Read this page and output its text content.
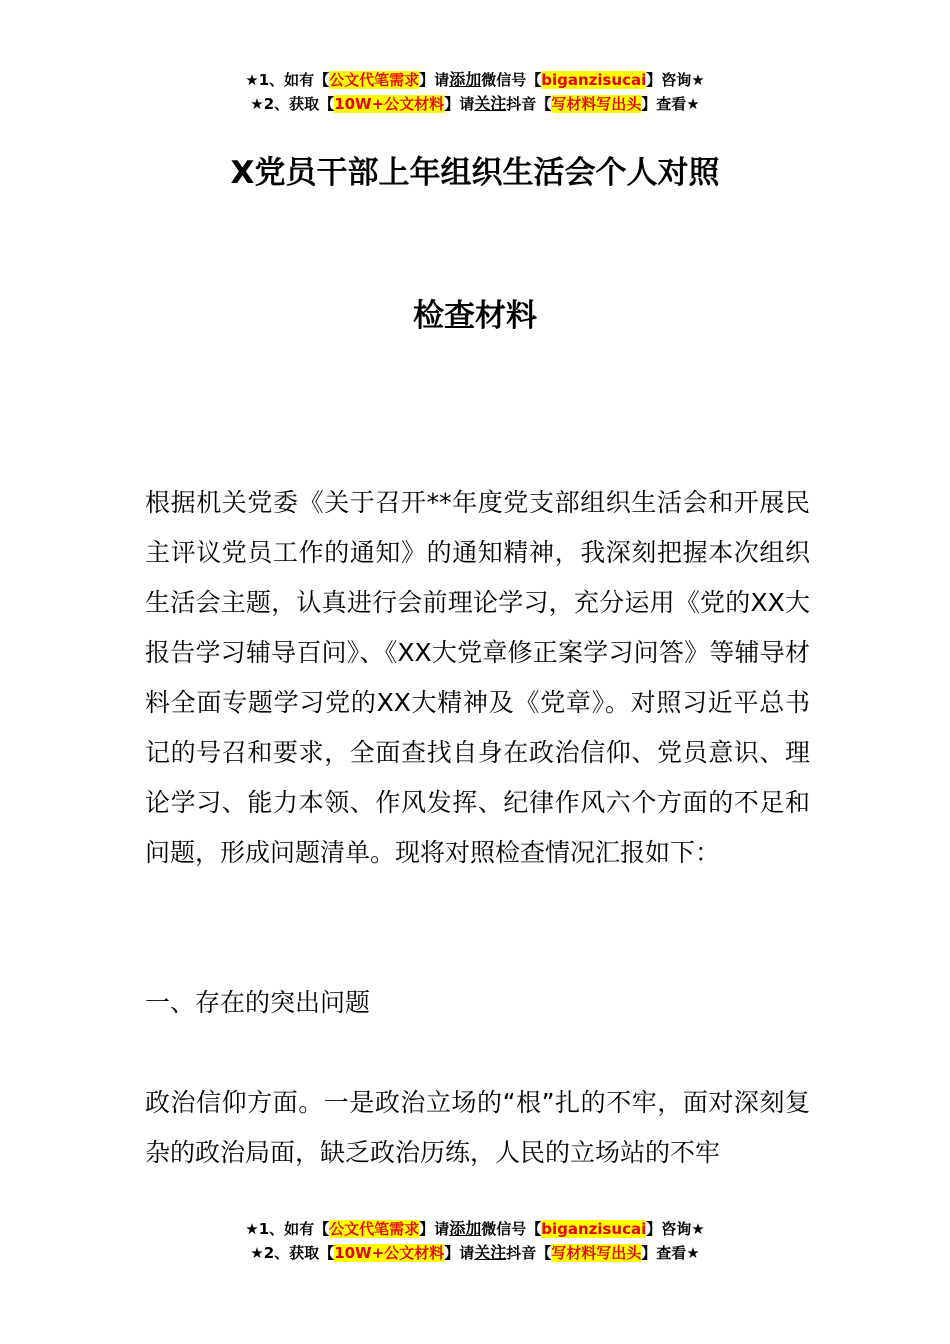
★1、如有【公文代笔需求】请添加微信号【biganzisucai】咨询★
★2、获取【10W+公文材料】请关注抖音【写材料写出头】查看★
X党员干部上年组织生活会个人对照
检查材料
根据机关党委《关于召开**年度党支部组织生活会和开展民主评议党员工作的通知》的通知精神，我深刻把握本次组织生活会主题，认真进行会前理论学习，充分运用《党的XX大报告学习辅导百问》、《XX大党章修正案学习问答》等辅导材料全面专题学习党的XX大精神及《党章》。对照习近平总书记的号召和要求，全面查找自身在政治信仰、党员意识、理论学习、能力本领、作风发挥、纪律作风六个方面的不足和问题，形成问题清单。现将对照检查情况汇报如下：
一、存在的突出问题
政治信仰方面。一是政治立场的“根”扎的不牢，面对深刻复杂的政治局面，缺乏政治历练，人民的立场站的不牢
★1、如有【公文代笔需求】请添加微信号【biganzisucai】咨询★
★2、获取【10W+公文材料】请关注抖音【写材料写出头】查看★
